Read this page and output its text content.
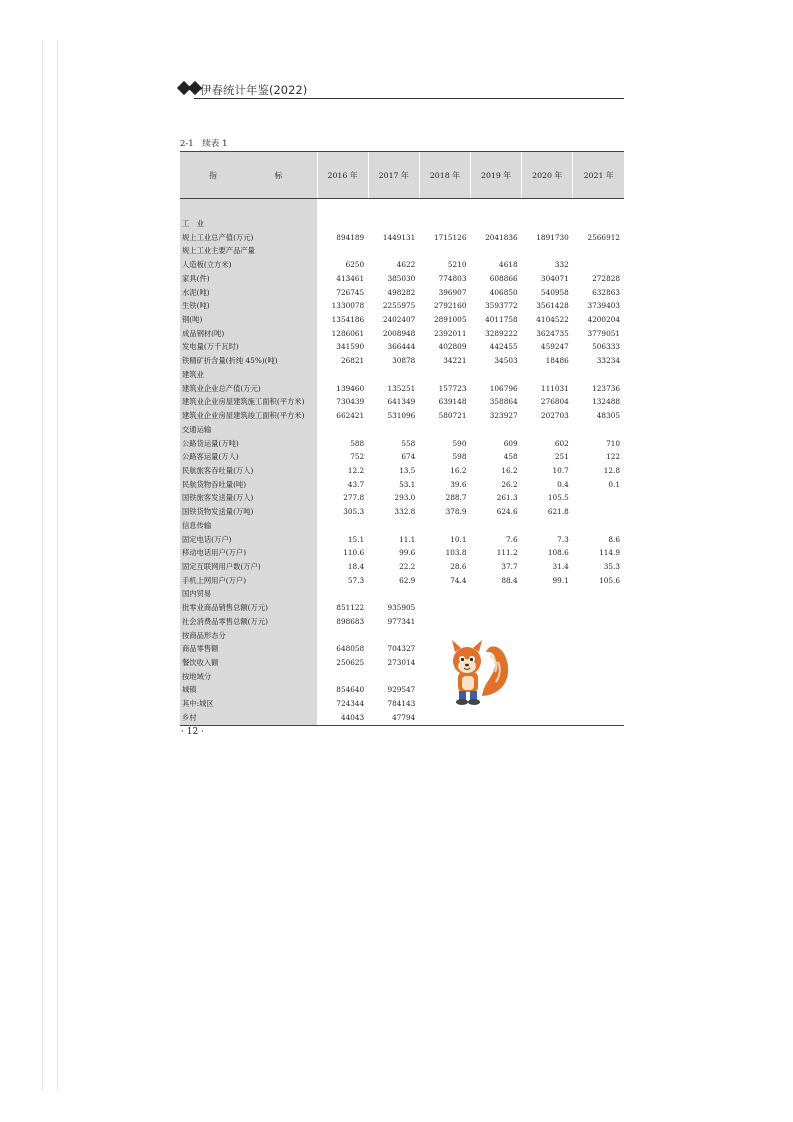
伊春统计年鉴(2022)
2-1 续表 1
指　　标	2016 年	2017 年	2018 年	2019 年	2020 年	2021 年

工　业						
规上工业总产值(万元)	894189	1449131	1715126	2041836	1891730	2566912
规上工业主要产品产量						
人造板(立方米)	6250	4622	5210	4618	332	
家具(件)	413461	385030	774803	608866	304071	272828
水泥(吨)	726745	498282	396907	406850	540958	632863
生铁(吨)	1330078	2255975	2792160	3593772	3561428	3739403
钢(吨)	1354186	2402407	2891005	4011758	4104522	4200204
成品钢材(吨)	1286061	2008948	2392011	3289222	3624735	3779051
发电量(万千瓦时)	341590	366444	402809	442455	459247	506333
铁精矿折含量(折纯 45%)(吨)	26821	30878	34221	34503	18486	33234
建筑业						
建筑业企业总产值(万元)	139460	135251	157723	106796	111031	123736
建筑业企业房屋建筑施工面积(平方米)	730439	641349	639148	358864	276804	132488
建筑业企业房屋建筑竣工面积(平方米)	662421	531096	580721	323927	202703	48305
交通运输						
公路货运量(万吨)	588	558	590	609	602	710
公路客运量(万人)	752	674	598	458	251	122
民航旅客吞吐量(万人)	12.2	13.5	16.2	16.2	10.7	12.8
民航货物吞吐量(吨)	43.7	53.1	39.6	26.2	0.4	0.1
国铁旅客发送量(万人)	277.8	293.0	288.7	261.3	105.5	
国铁货物发送量(万吨)	305.3	332.8	378.9	624.6	621.8	
信息传输						
固定电话(万户)	15.1	11.1	10.1	7.6	7.3	8.6
移动电话用户(万户)	110.6	99.6	103.8	111.2	108.6	114.9
固定互联网用户数(万户)	18.4	22.2	28.6	37.7	31.4	35.3
手机上网用户(万户)	57.3	62.9	74.4	88.4	99.1	105.6
国内贸易						
批零业商品销售总额(万元)	851122	935905				
社会消费品零售总额(万元)	898683	977341				
按商品形态分						
商品零售额	648058	704327				
餐饮收入额	250625	273014				
按地域分						
城镇	854640	929547				
其中:城区	724344	784143				
乡村	44043	47794				
· 12 ·
